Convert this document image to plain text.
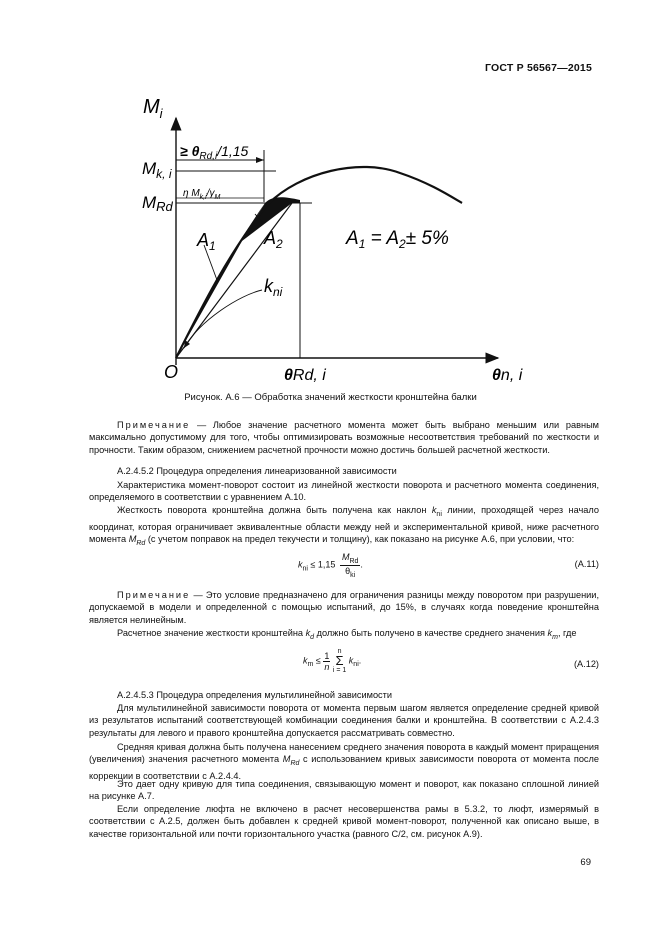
ГОСТ Р 56567—2015
$M_i$
$M_{k, i}$
MRd
≥ $\theta_{Rd,i}/1,15$
η $M_{k,i}/\gamma_M$
$A_1$	$A_2$	$A_1 = A_2\pm 5\%$
$k_{ni}$
O	θRd, i	θn, i
Рисунок. А.6 — Обработка значений жесткости кронштейна балки
Примечание — Любое значение расчетного момента может быть выбрано меньшим или равным максимально допустимому для того, чтобы оптимизировать возможные несоответствия требований по жесткости и прочности. Таким образом, снижением расчетной прочности можно достичь большей расчетной жесткости.
А.2.4.5.2 Процедура определения линеаризованной зависимости
Характеристика момент-поворот состоит из линейной жесткости поворота и расчетного момента соединения, определяемого в соответствии с уравнением А.10.
Жесткость поворота кронштейна должна быть получена как наклон $k_{ni}$ линии, проходящей через начало координат, которая ограничивает эквивалентные области между ней и экспериментальной кривой, ниже расчетного момента $M_{Rd}$ (с учетом поправок на предел текучести и толщину), как показано на рисунке А.6, при условии, что:
$k_{ni} \le 1,15$
$M_{Rd}$
$\theta_{ki}$
.	(А.11)
Примечание — Это условие предназначено для ограничения разницы между поворотом при разрушении, допускаемой в модели и определенной с помощью испытаний, до 15%, в случаях когда поведение кронштейна является нелинейным.
Расчетное значение жесткости кронштейна $k_d$ должно быть получено в качестве среднего значения $k_m$, где
$k_m \le \frac{1}{n}$
	n
Σ
i = 1
$k_{ni}$.	(А.12)
А.2.4.5.3 Процедура определения мультилинейной зависимости
Для мультилинейной зависимости поворота от момента первым шагом является определение средней кривой из результатов испытаний соответствующей комбинации соединения балки и кронштейна. В соответствии с А.2.4.3 результаты для левого и правого кронштейна допускается рассматривать совместно.
Средняя кривая должна быть получена нанесением среднего значения поворота в каждый момент приращения (увеличения) значения расчетного момента $M_{Rd}$ с использованием кривых зависимости поворота от момента после коррекции в соответствии с А.2.4.4.
Это дает одну кривую для типа соединения, связывающую момент и поворот, как показано сплошной линией на рисунке А.7.
Если определение люфта не включено в расчет несовершенства рамы в 5.3.2, то люфт, измерямый в соответствии с А.2.5, должен быть добавлен к средней кривой момент-поворот, полученной как описано выше, в качестве горизонтальной или почти горизонтального участка (равного С/2, см. рисунок А.9).
69
